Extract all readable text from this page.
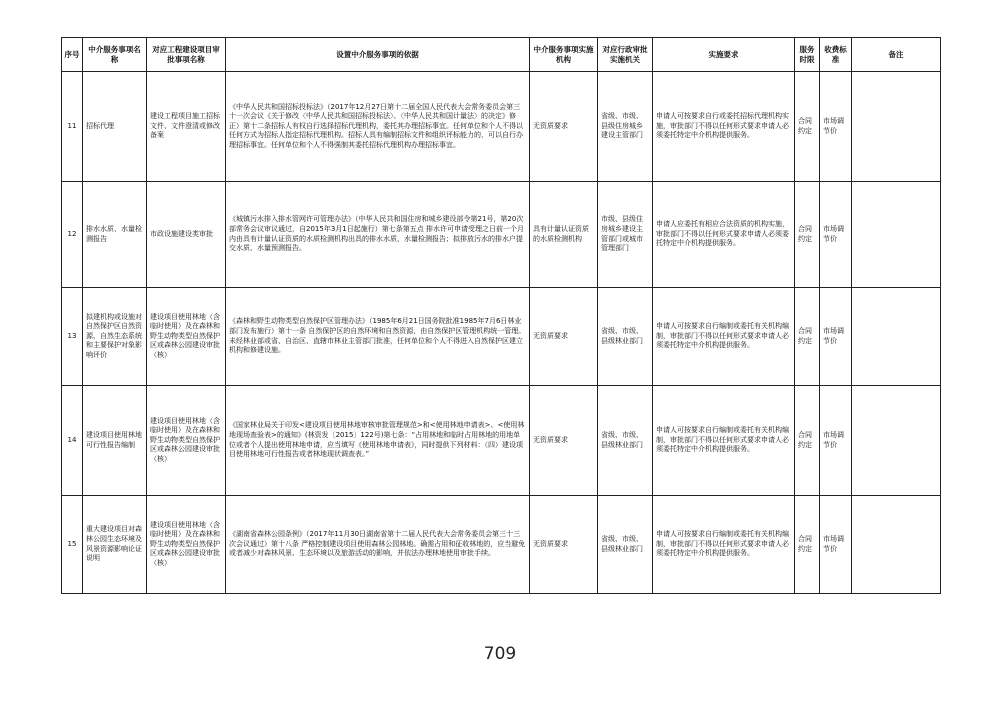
序号	中介服务事项名称	对应工程建设项目审批事项名称	设置中介服务事项的依据	中介服务事项实施机构	对应行政审批实施机关	实施要求	服务时限	收费标准	备注
11	招标代理	建设工程项目施工招标文件、文件澄清或修改备案	《中华人民共和国招标投标法》（2017年12月27日第十二届全国人民代表大会常务委员会第三十一次会议《关于修改〈中华人民共和国招标投标法〉、〈中华人民共和国计量法〉的决定》修正）第十二条招标人有权自行选择招标代理机构，委托其办理招标事宜。任何单位和个人不得以任何方式为招标人指定招标代理机构。招标人具有编制招标文件和组织评标能力的，可以自行办理招标事宜。任何单位和个人不得强制其委托招标代理机构办理招标事宜。	无资质要求	省级、市级、县级住房城乡建设主管部门	申请人可按要求自行或委托招标代理机构实施，审批部门不得以任何形式要求申请人必须委托特定中介机构提供服务。	合同约定	市场调节价	
12	排水水质、水量检测报告	市政设施建设类审批	《城镇污水排入排水管网许可管理办法》（中华人民共和国住房和城乡建设部令第21号，第20次部常务会议审议通过，自2015年3月1日起施行）第七条第五点 排水许可申请受理之日前一个月内由具有计量认证资质的水质检测机构出具的排水水质、水量检测报告；拟排放污水的排水户提交水质、水量预测报告。	具有计量认证资质的水质检测机构	市级、县级住房城乡建设主管部门或城市管理部门	申请人应委托有相应合法资质的机构实施，审批部门不得以任何形式要求申请人必须委托特定中介机构提供服务。	合同约定	市场调节价	
13	拟建机构或设施对自然保护区自然资源、自然生态系统和主要保护对象影响评价	建设项目使用林地（含临时使用）及在森林和野生动物类型自然保护区或森林公园建设审批（核）	《森林和野生动物类型自然保护区管理办法》（1985年6月21日国务院批准1985年7月6日林业部门发布施行）第十一条 自然保护区的自然环境和自然资源，由自然保护区管理机构统一管理。未经林业部或省、自治区、直辖市林业主管部门批准，任何单位和个人不得进入自然保护区建立机构和修建设施。	无资质要求	省级、市级、县级林业部门	申请人可按要求自行编制或委托有关机构编制，审批部门不得以任何形式要求申请人必须委托特定中介机构提供服务。	合同约定	市场调节价	
14	建设项目使用林地可行性报告编制	建设项目使用林地（含临时使用）及在森林和野生动物类型自然保护区或森林公园建设审批（核）	《国家林业局关于印发<建设项目使用林地审核审批管理规范>和<使用林地申请表>、<使用林地现场查验表>的通知》(林资发〔2015〕122号)第七条：“占用林地和临时占用林地的用地单位或者个人提出使用林地申请，应当填写《使用林地申请表》，同时提供下列材料：（四）建设项目使用林地可行性报告或者林地现状调查表。”	无资质要求	省级、市级、县级林业部门	申请人可按要求自行编制或委托有关机构编制，审批部门不得以任何形式要求申请人必须委托特定中介机构提供服务。	合同约定	市场调节价	
15	重大建设项目对森林公园生态环境及风景资源影响论证说明	建设项目使用林地（含临时使用）及在森林和野生动物类型自然保护区或森林公园建设审批（核）	《湖南省森林公园条例》（2017年11月30日湖南省第十二届人民代表大会常务委员会第三十三次会议通过）第十八条 严格控制建设项目使用森林公园林地。确需占用和征收林地的，应当避免或者减少对森林风景、生态环境以及旅游活动的影响，并依法办理林地使用审批手续。	无资质要求	省级、市级、县级林业部门	申请人可按要求自行编制或委托有关机构编制，审批部门不得以任何形式要求申请人必须委托特定中介机构提供服务。	合同约定	市场调节价	
709
